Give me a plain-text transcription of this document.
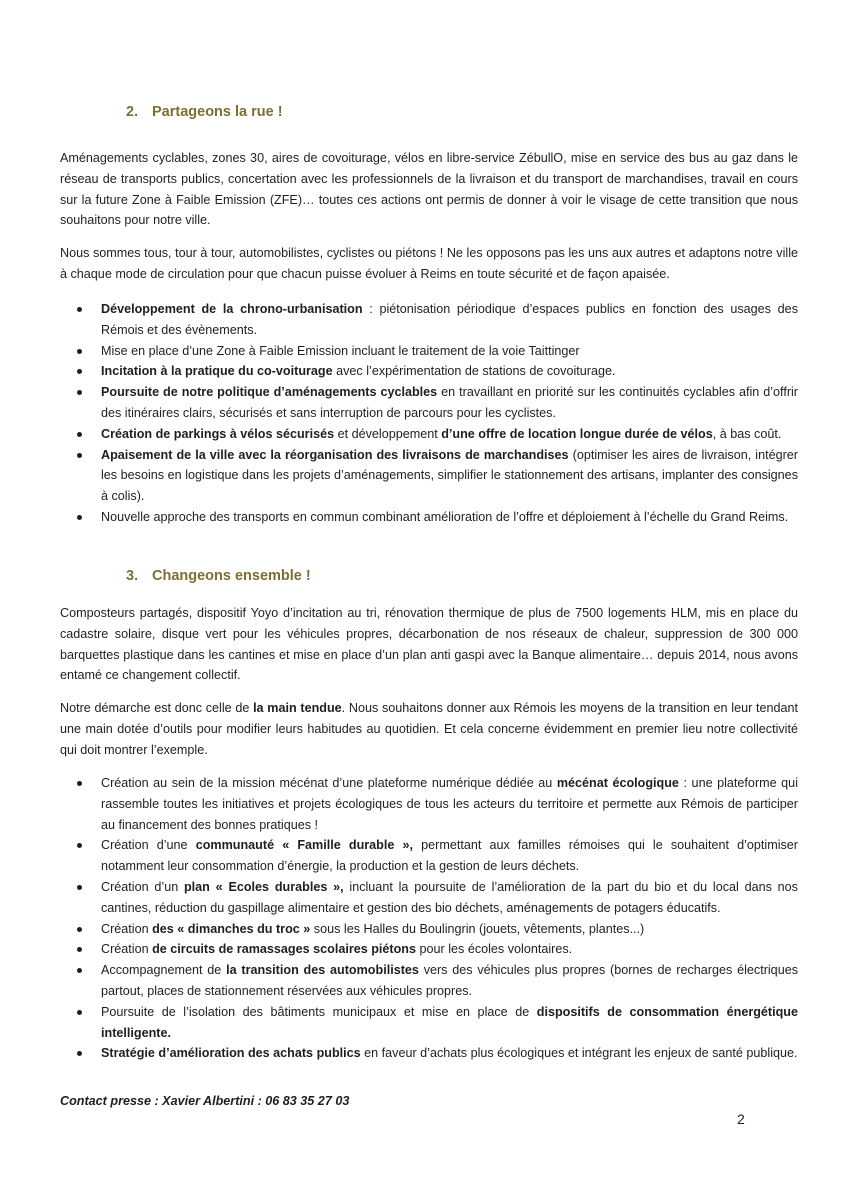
2. Partageons la rue !

Aménagements cyclables, zones 30, aires de covoiturage, vélos en libre-service ZébullO, mise en service des bus au gaz dans le réseau de transports publics, concertation avec les professionnels de la livraison et du transport de marchandises, travail en cours sur la future Zone à Faible Emission (ZFE)… toutes ces actions ont permis de donner à voir le visage de cette transition que nous souhaitons pour notre ville.

Nous sommes tous, tour à tour, automobilistes, cyclistes ou piétons ! Ne les opposons pas les uns aux autres et adaptons notre ville à chaque mode de circulation pour que chacun puisse évoluer à Reims en toute sécurité et de façon apaisée.

Développement de la chrono-urbanisation : piétonisation périodique d’espaces publics en fonction des usages des Rémois et des évènements.
Mise en place d’une Zone à Faible Emission incluant le traitement de la voie Taittinger
Incitation à la pratique du co-voiturage avec l’expérimentation de stations de covoiturage.
Poursuite de notre politique d’aménagements cyclables en travaillant en priorité sur les continuités cyclables afin d’offrir des itinéraires clairs, sécurisés et sans interruption de parcours pour les cyclistes.
Création de parkings à vélos sécurisés et développement d’une offre de location longue durée de vélos, à bas coût.
Apaisement de la ville avec la réorganisation des livraisons de marchandises (optimiser les aires de livraison, intégrer les besoins en logistique dans les projets d’aménagements, simplifier le stationnement des artisans, implanter des consignes à colis).
Nouvelle approche des transports en commun combinant amélioration de l’offre et déploiement à l’échelle du Grand Reims.
3. Changeons ensemble !

Composteurs partagés, dispositif Yoyo d’incitation au tri, rénovation thermique de plus de 7500 logements HLM, mis en place du cadastre solaire, disque vert pour les véhicules propres, décarbonation de nos réseaux de chaleur, suppression de 300 000 barquettes plastique dans les cantines et mise en place d’un plan anti gaspi avec la Banque alimentaire… depuis 2014, nous avons entamé ce changement collectif.

Notre démarche est donc celle de la main tendue. Nous souhaitons donner aux Rémois les moyens de la transition en leur tendant une main dotée d’outils pour modifier leurs habitudes au quotidien. Et cela concerne évidemment en premier lieu notre collectivité qui doit montrer l’exemple.

Création au sein de la mission mécénat d’une plateforme numérique dédiée au mécénat écologique : une plateforme qui rassemble toutes les initiatives et projets écologiques de tous les acteurs du territoire et permette aux Rémois de participer au financement des bonnes pratiques !
Création d’une communauté « Famille durable », permettant aux familles rémoises qui le souhaitent d’optimiser notamment leur consommation d’énergie, la production et la gestion de leurs déchets.
Création d’un plan « Ecoles durables », incluant la poursuite de l’amélioration de la part du bio et du local dans nos cantines, réduction du gaspillage alimentaire et gestion des bio déchets, aménagements de potagers éducatifs.
Création des « dimanches du troc » sous les Halles du Boulingrin (jouets, vêtements, plantes...)
Création de circuits de ramassages scolaires piétons pour les écoles volontaires.
Accompagnement de la transition des automobilistes vers des véhicules plus propres (bornes de recharges électriques partout, places de stationnement réservées aux véhicules propres.
Poursuite de l’isolation des bâtiments municipaux et mise en place de dispositifs de consommation énergétique intelligente.
Stratégie d’amélioration des achats publics en faveur d’achats plus écologiques et intégrant les enjeux de santé publique.
Contact presse : Xavier Albertini : 06 83 35 27 03
2
